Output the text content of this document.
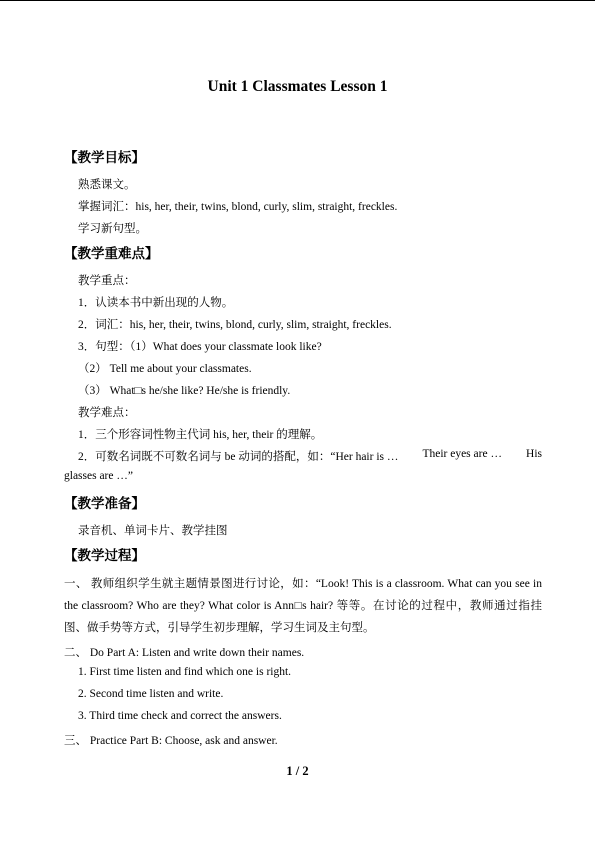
Unit 1 Classmates Lesson 1
【教学目标】
熟悉课文。
掌握词汇：his, her, their, twins, blond, curly, slim, straight, freckles.
学习新句型。
【教学重难点】
教学重点：
1．认读本书中新出现的人物。
2．词汇：his, her, their, twins, blond, curly, slim, straight, freckles.
3．句型：（1）What does your classmate look like?
（2） Tell me about your classmates.
（3） What□s he/she like? He/she is friendly.
教学难点：
1．三个形容词性物主代词 his, her, their 的理解。
2．可数名词既不可数名词与 be 动词的搭配，如：“Her hair is … Their eyes are … His
glasses are …”
【教学准备】
录音机、单词卡片、教学挂图
【教学过程】
一、 教师组织学生就主题情景图进行讨论，如：“Look! This is a classroom. What can you see in the classroom? Who are they? What color is Ann□s hair? 等等。在讨论的过程中，教师通过指挂图、做手势等方式，引导学生初步理解，学习生词及主句型。
二、 Do Part A: Listen and write down their names.
1. First time listen and find which one is right.
2. Second time listen and write.
3. Third time check and correct the answers.
三、 Practice Part B: Choose, ask and answer.
1 / 2
